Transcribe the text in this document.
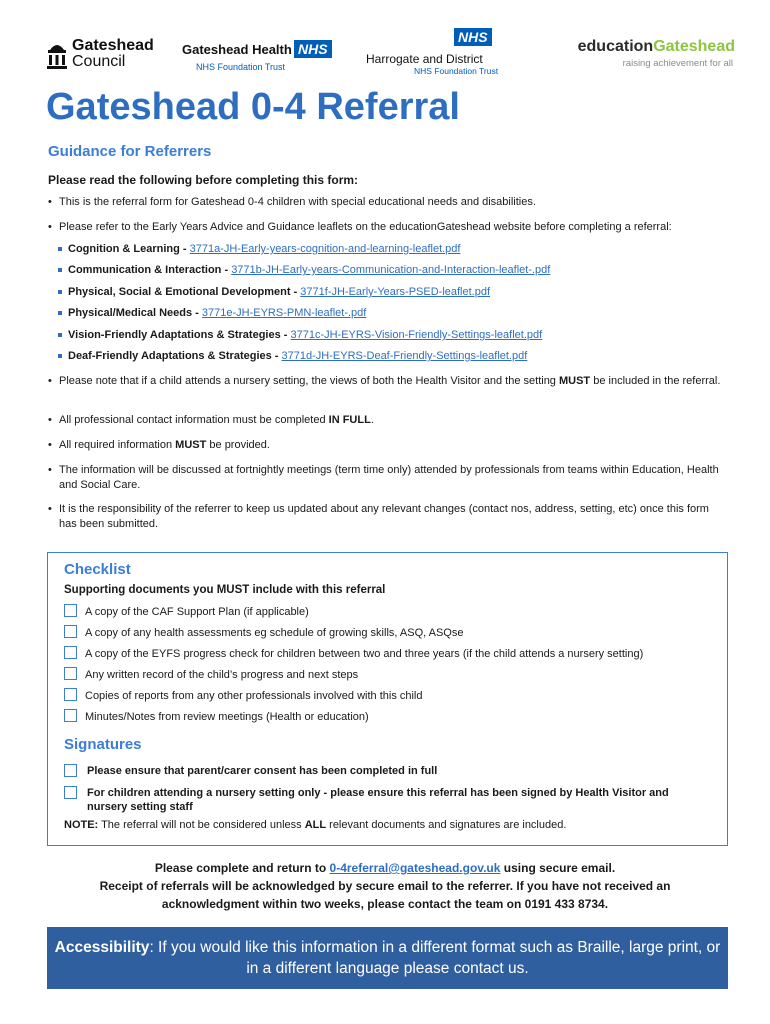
Gateshead
Council
Gateshead Health NHS
NHS Foundation Trust
NHS
Harrogate and District
NHS Foundation Trust
educationGateshead
raising achievement for all
Gateshead 0-4 Referral
Guidance for Referrers

Please read the following before completing this form:

• This is the referral form for Gateshead 0-4 children with special educational needs and disabilities.
• Please refer to the Early Years Advice and Guidance leaflets on the educationGateshead website before completing a referral:
Cognition & Learning - 3771a-JH-Early-years-cognition-and-learning-leaflet.pdf
Communication & Interaction - 3771b-JH-Early-years-Communication-and-Interaction-leaflet-.pdf
Physical, Social & Emotional Development - 3771f-JH-Early-Years-PSED-leaflet.pdf
Physical/Medical Needs - 3771e-JH-EYRS-PMN-leaflet-.pdf
Vision-Friendly Adaptations & Strategies - 3771c-JH-EYRS-Vision-Friendly-Settings-leaflet.pdf
Deaf-Friendly Adaptations & Strategies - 3771d-JH-EYRS-Deaf-Friendly-Settings-leaflet.pdf
• Please note that if a child attends a nursery setting, the views of both the Health Visitor and the setting MUST be included in the referral.
• All professional contact information must be completed IN FULL.
• All required information MUST be provided.
• The information will be discussed at fortnightly meetings (term time only) attended by professionals from teams within Education, Health and Social Care.
• It is the responsibility of the referrer to keep us updated about any relevant changes (contact nos, address, setting, etc) once this form has been submitted.
Checklist
Supporting documents you MUST include with this referral
A copy of the CAF Support Plan (if applicable)
A copy of any health assessments eg schedule of growing skills, ASQ, ASQse
A copy of the EYFS progress check for children between two and three years (if the child attends a nursery setting)
Any written record of the child’s progress and next steps
Copies of reports from any other professionals involved with this child
Minutes/Notes from review meetings (Health or education)
Signatures
Please ensure that parent/carer consent has been completed in full
For children attending a nursery setting only - please ensure this referral has been signed by Health Visitor and nursery setting staff
NOTE: The referral will not be considered unless ALL relevant documents and signatures are included.
Please complete and return to 0-4referral@gateshead.gov.uk using secure email.
Receipt of referrals will be acknowledged by secure email to the referrer. If you have not received an acknowledgment within two weeks, please contact the team on 0191 433 8734.
Accessibility: If you would like this information in a different format such as Braille, large print, or in a different language please contact us.
